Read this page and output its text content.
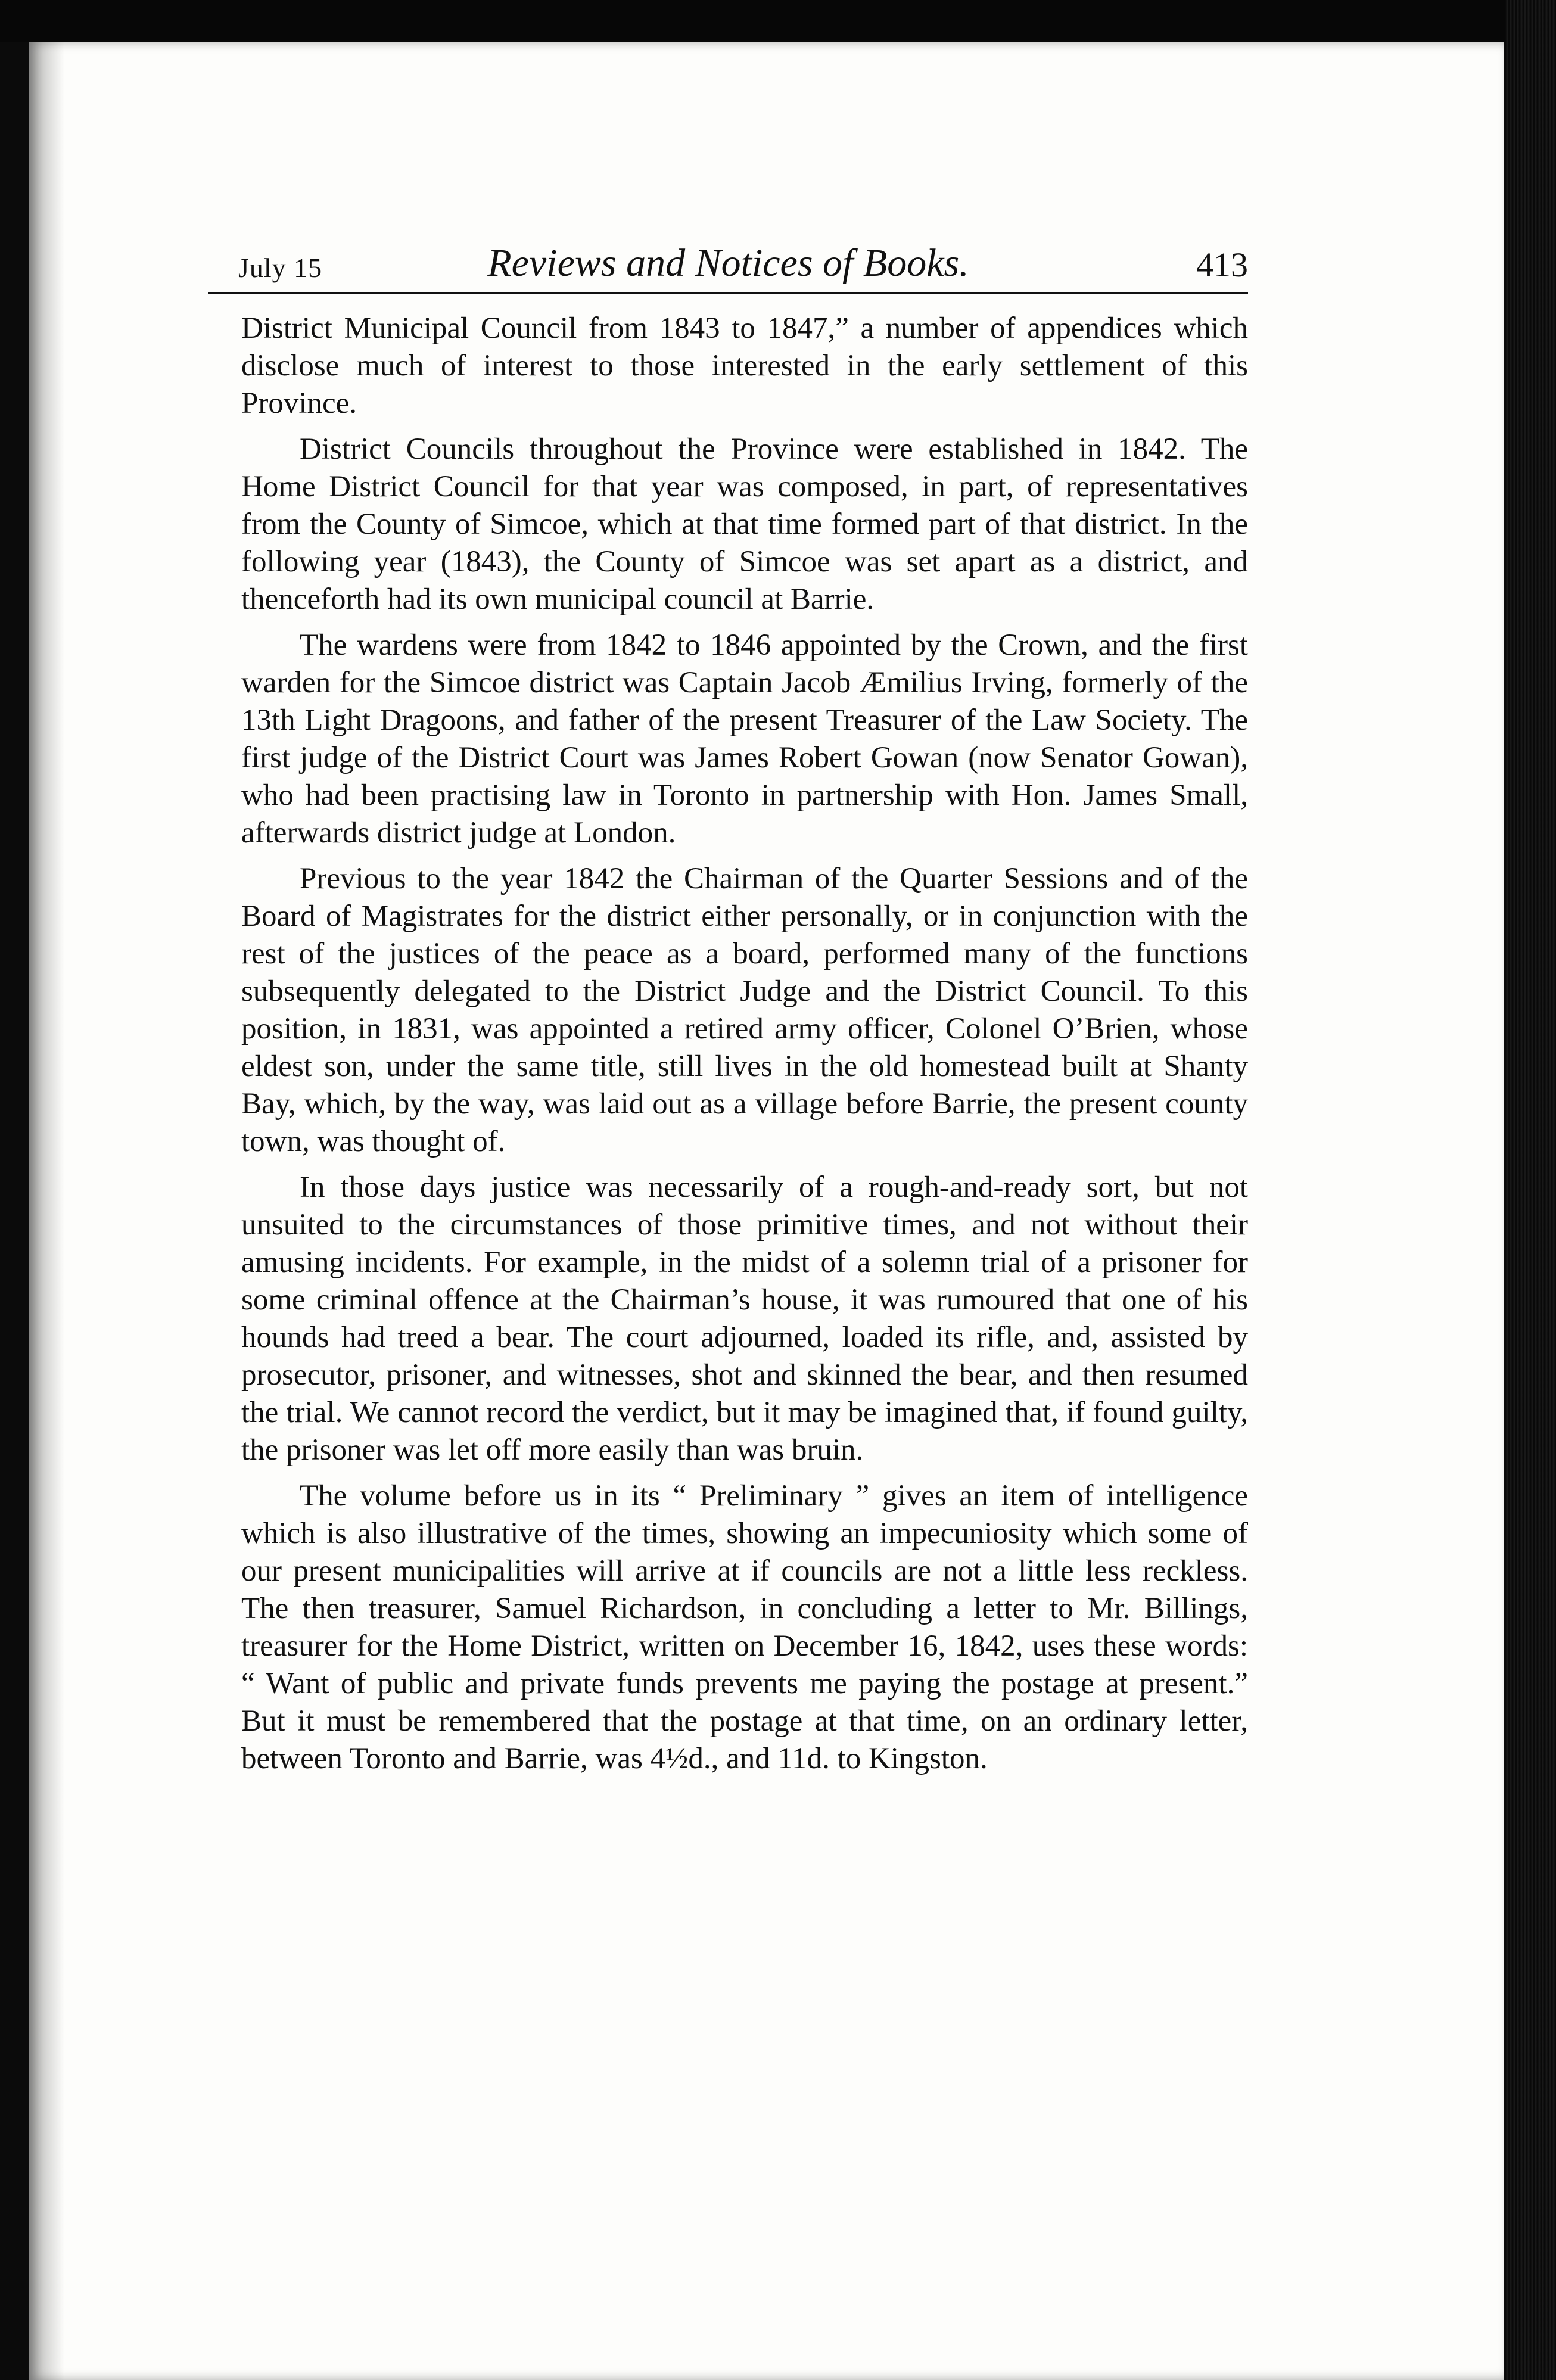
July 15	Reviews and Notices of Books.	413

District Municipal Council from 1843 to 1847,” a number of appendices which disclose much of interest to those interested in the early settlement of this Province.

District Councils throughout the Province were established in 1842. The Home District Council for that year was composed, in part, of representatives from the County of Simcoe, which at that time formed part of that district. In the following year (1843), the County of Simcoe was set apart as a district, and thenceforth had its own municipal council at Barrie.

The wardens were from 1842 to 1846 appointed by the Crown, and the first warden for the Simcoe district was Captain Jacob Æmilius Irving, formerly of the 13th Light Dragoons, and father of the present Treasurer of the Law Society. The first judge of the District Court was James Robert Gowan (now Senator Gowan), who had been practising law in Toronto in partnership with Hon. James Small, afterwards district judge at London.

Previous to the year 1842 the Chairman of the Quarter Sessions and of the Board of Magistrates for the district either personally, or in conjunction with the rest of the justices of the peace as a board, performed many of the functions subsequently delegated to the District Judge and the District Council. To this position, in 1831, was appointed a retired army officer, Colonel O’Brien, whose eldest son, under the same title, still lives in the old homestead built at Shanty Bay, which, by the way, was laid out as a village before Barrie, the present county town, was thought of.

In those days justice was necessarily of a rough-and-ready sort, but not unsuited to the circumstances of those primitive times, and not without their amusing incidents. For example, in the midst of a solemn trial of a prisoner for some criminal offence at the Chairman’s house, it was rumoured that one of his hounds had treed a bear. The court adjourned, loaded its rifle, and, assisted by prosecutor, prisoner, and witnesses, shot and skinned the bear, and then resumed the trial. We cannot record the verdict, but it may be imagined that, if found guilty, the prisoner was let off more easily than was bruin.

The volume before us in its “ Preliminary ” gives an item of intelligence which is also illustrative of the times, showing an impecuniosity which some of our present municipalities will arrive at if councils are not a little less reckless. The then treasurer, Samuel Richardson, in concluding a letter to Mr. Billings, treasurer for the Home District, written on December 16, 1842, uses these words: “ Want of public and private funds prevents me paying the postage at present.” But it must be remembered that the postage at that time, on an ordinary letter, between Toronto and Barrie, was 4½d., and 11d. to Kingston.
